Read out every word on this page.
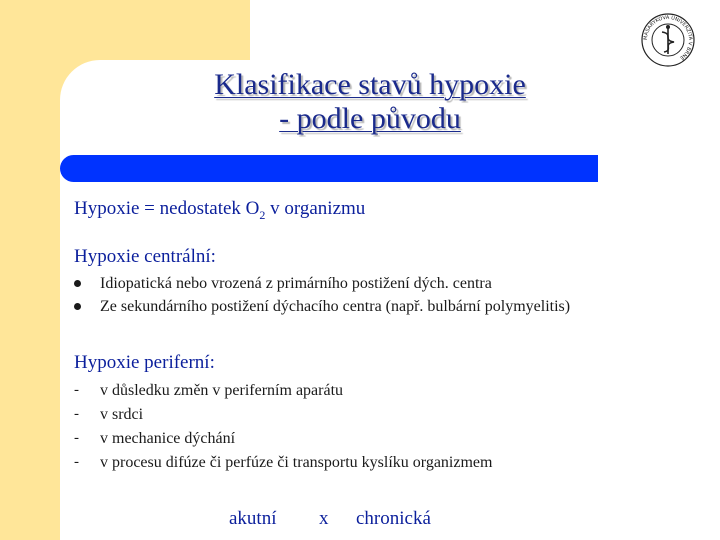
Klasifikace stavů hypoxie
- podle původu
MASARYKOVA UNIVERZITA V BRNĚ
Hypoxie = nedostatek $O_2$ v organizmu
Hypoxie centrální:
Idiopatická nebo vrozená z primárního postižení dých. centra
Ze sekundárního postižení dýchacího centra (např. bulbární polymyelitis)
Hypoxie periferní:
- v důsledku změn v periferním aparátu
- v srdci
- v mechanice dýchání
- v procesu difúze či perfúze či transportu kyslíku organizmem
akutní x chronická
